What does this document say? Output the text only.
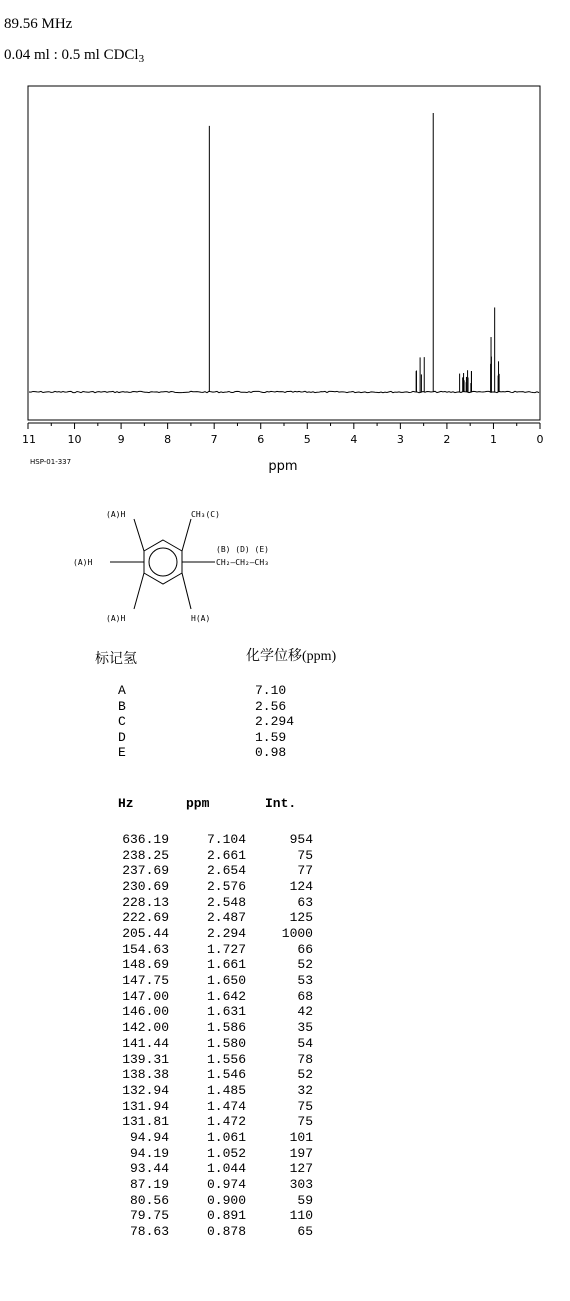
89.56 MHz
0.04 ml : 0.5 ml CDCl$_3$
11	10	9	8	7	6	5	4	3	2	1	0
ppm
HSP-01-337
(A)H	CH₃(C)
(A)H
(B) (D) (E)
CH₂—CH₂—CH₃
(A)H	H(A)
标记氢	化学位移(ppm)
A	7.10
B	2.56
C	2.294
D	1.59
E	0.98
Hz	ppm	Int.
636.19	7.104	954
238.25	2.661	75
237.69	2.654	77
230.69	2.576	124
228.13	2.548	63
222.69	2.487	125
205.44	2.294	1000
154.63	1.727	66
148.69	1.661	52
147.75	1.650	53
147.00	1.642	68
146.00	1.631	42
142.00	1.586	35
141.44	1.580	54
139.31	1.556	78
138.38	1.546	52
132.94	1.485	32
131.94	1.474	75
131.81	1.472	75
94.94	1.061	101
94.19	1.052	197
93.44	1.044	127
87.19	0.974	303
80.56	0.900	59
79.75	0.891	110
78.63	0.878	65
